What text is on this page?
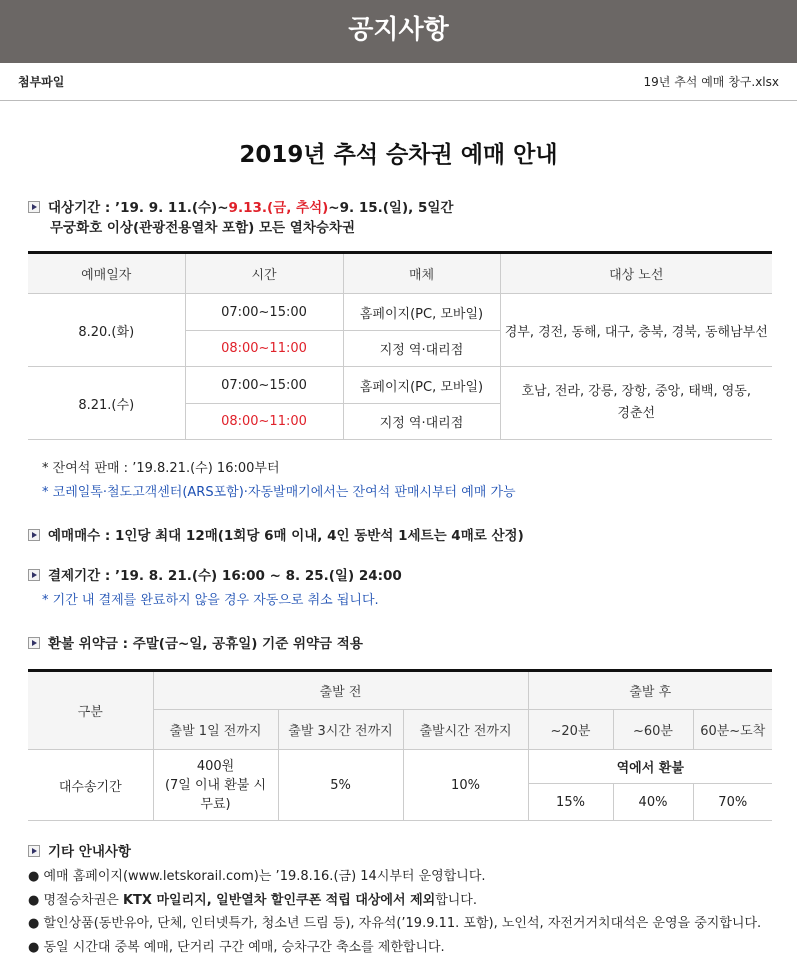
공지사항
첨부파일	19년 추석 예매 창구.xlsx
2019년 추석 승차권 예매 안내
대상기간 : ’19. 9. 11.(수)~9.13.(금, 추석)~9. 15.(일), 5일간
무궁화호 이상(관광전용열차 포함) 모든 열차승차권
예매일자	시간	매체	대상 노선
8.20.(화)	07:00~15:00	홈페이지(PC, 모바일)	경부, 경전, 동해, 대구, 충북, 경북, 동해남부선
	08:00~11:00	지정 역·대리점	
8.21.(수)	07:00~15:00	홈페이지(PC, 모바일)	호남, 전라, 강릉, 장항, 중앙, 태백, 영동, 경춘선
	08:00~11:00	지정 역·대리점	
* 잔여석 판매 : ’19.8.21.(수) 16:00부터
* 코레일톡·철도고객센터(ARS포함)·자동발매기에서는 잔여석 판매시부터 예매 가능
예매매수 : 1인당 최대 12매(1회당 6매 이내, 4인 동반석 1세트는 4매로 산정)
결제기간 : ’19. 8. 21.(수) 16:00 ~ 8. 25.(일) 24:00
* 기간 내 결제를 완료하지 않을 경우 자동으로 취소 됩니다.
환불 위약금 : 주말(금~일, 공휴일) 기준 위약금 적용
구분	출발 전			출발 후		
	출발 1일 전까지	출발 3시간 전까지	출발시간 전까지	~20분	~60분	60분~도착
대수송기간	400원
(7일 이내 환불 시
무료)	5%	10%	역에서 환불		
				15%	40%	70%
기타 안내사항
● 예매 홈페이지(www.letskorail.com)는 ’19.8.16.(금) 14시부터 운영합니다.
● 명절승차권은 KTX 마일리지, 일반열차 할인쿠폰 적립 대상에서 제외합니다.
● 할인상품(동반유아, 단체, 인터넷특가, 청소년 드림 등), 자유석(’19.9.11. 포함), 노인석, 자전거거치대석은 운영을 중지합니다.
● 동일 시간대 중복 예매, 단거리 구간 예매, 승차구간 축소를 제한합니다.
